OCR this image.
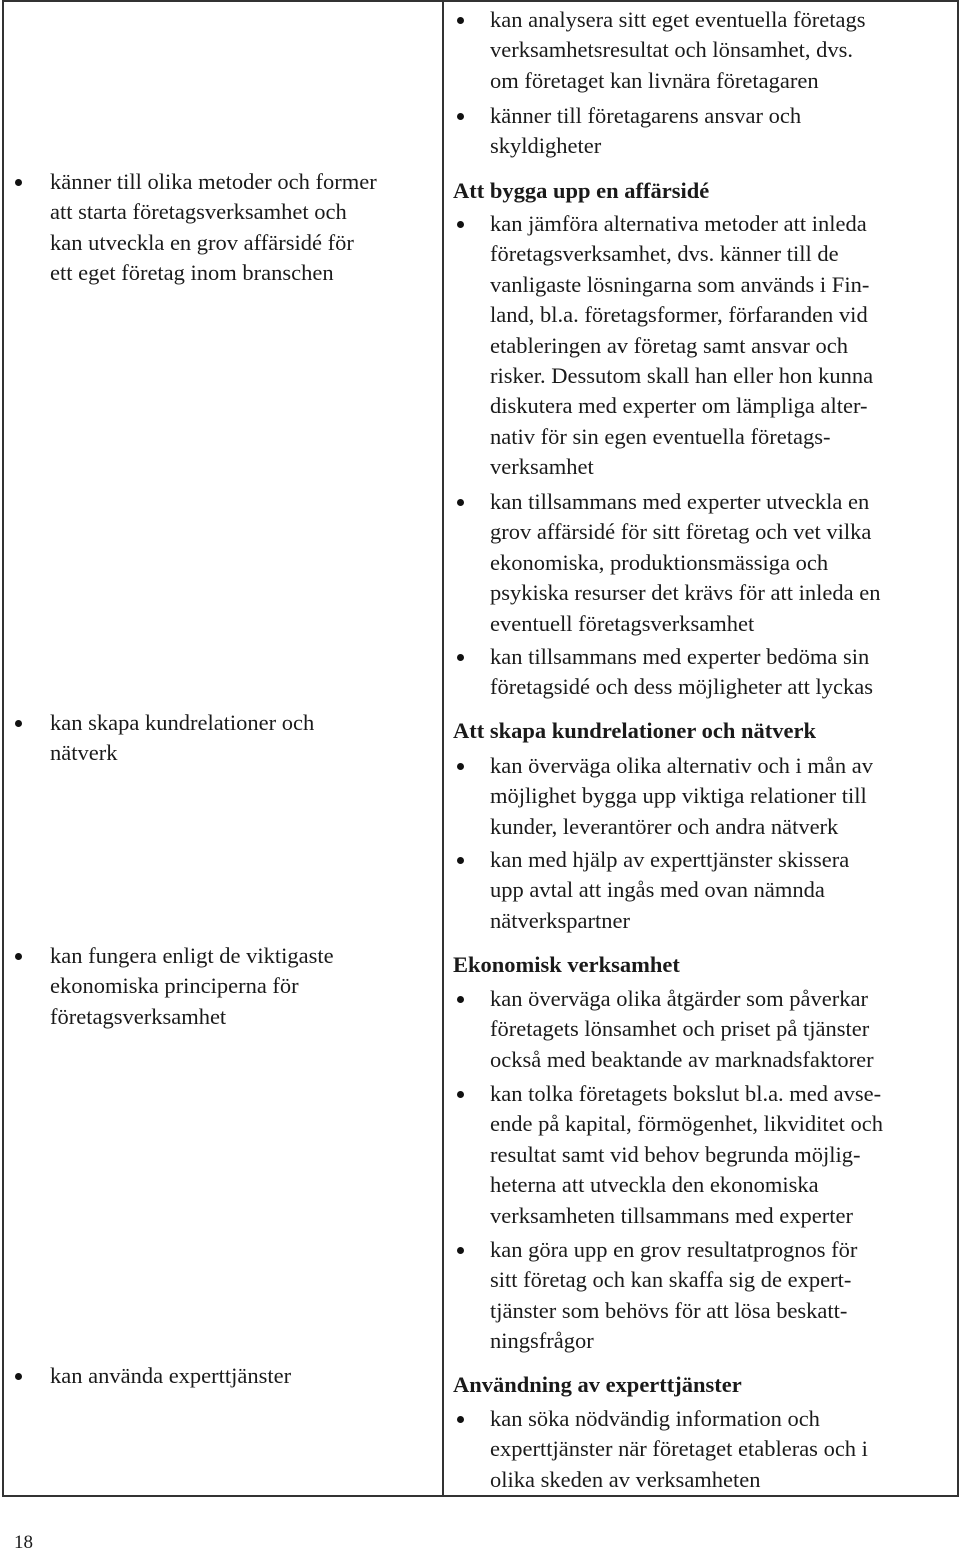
känner till olika metoder och former
att starta företagsverksamhet och
kan utveckla en grov affärsidé för
ett eget företag inom branschen
kan skapa kundrelationer och
nätverk
kan fungera enligt de viktigaste
ekonomiska principerna för
företagsverksamhet
kan använda experttjänster
kan analysera sitt eget eventuella företags
verksamhetsresultat och lönsamhet, dvs.
om företaget kan livnära företagaren
känner till företagarens ansvar och
skyldigheter
Att bygga upp en affärsidé
kan jämföra alternativa metoder att inleda
företagsverksamhet, dvs. känner till de
vanligaste lösningarna som används i Fin-
land, bl.a. företagsformer, förfaranden vid
etableringen av företag samt ansvar och
risker. Dessutom skall han eller hon kunna
diskutera med experter om lämpliga alter-
nativ för sin egen eventuella företags-
verksamhet
kan tillsammans med experter utveckla en
grov affärsidé för sitt företag och vet vilka
ekonomiska, produktionsmässiga och
psykiska resurser det krävs för att inleda en
eventuell företagsverksamhet
kan tillsammans med experter bedöma sin
företagsidé och dess möjligheter att lyckas
Att skapa kundrelationer och nätverk
kan överväga olika alternativ och i mån av
möjlighet bygga upp viktiga relationer till
kunder, leverantörer och andra nätverk
kan med hjälp av experttjänster skissera
upp avtal att ingås med ovan nämnda
nätverkspartner
Ekonomisk verksamhet
kan överväga olika åtgärder som påverkar
företagets lönsamhet och priset på tjänster
också med beaktande av marknadsfaktorer
kan tolka företagets bokslut bl.a. med avse-
ende på kapital, förmögenhet, likviditet och
resultat samt vid behov begrunda möjlig-
heterna att utveckla den ekonomiska
verksamheten tillsammans med experter
kan göra upp en grov resultatprognos för
sitt företag och kan skaffa sig de expert-
tjänster som behövs för att lösa beskatt-
ningsfrågor
Användning av experttjänster
kan söka nödvändig information och
experttjänster när företaget etableras och i
olika skeden av verksamheten
18
